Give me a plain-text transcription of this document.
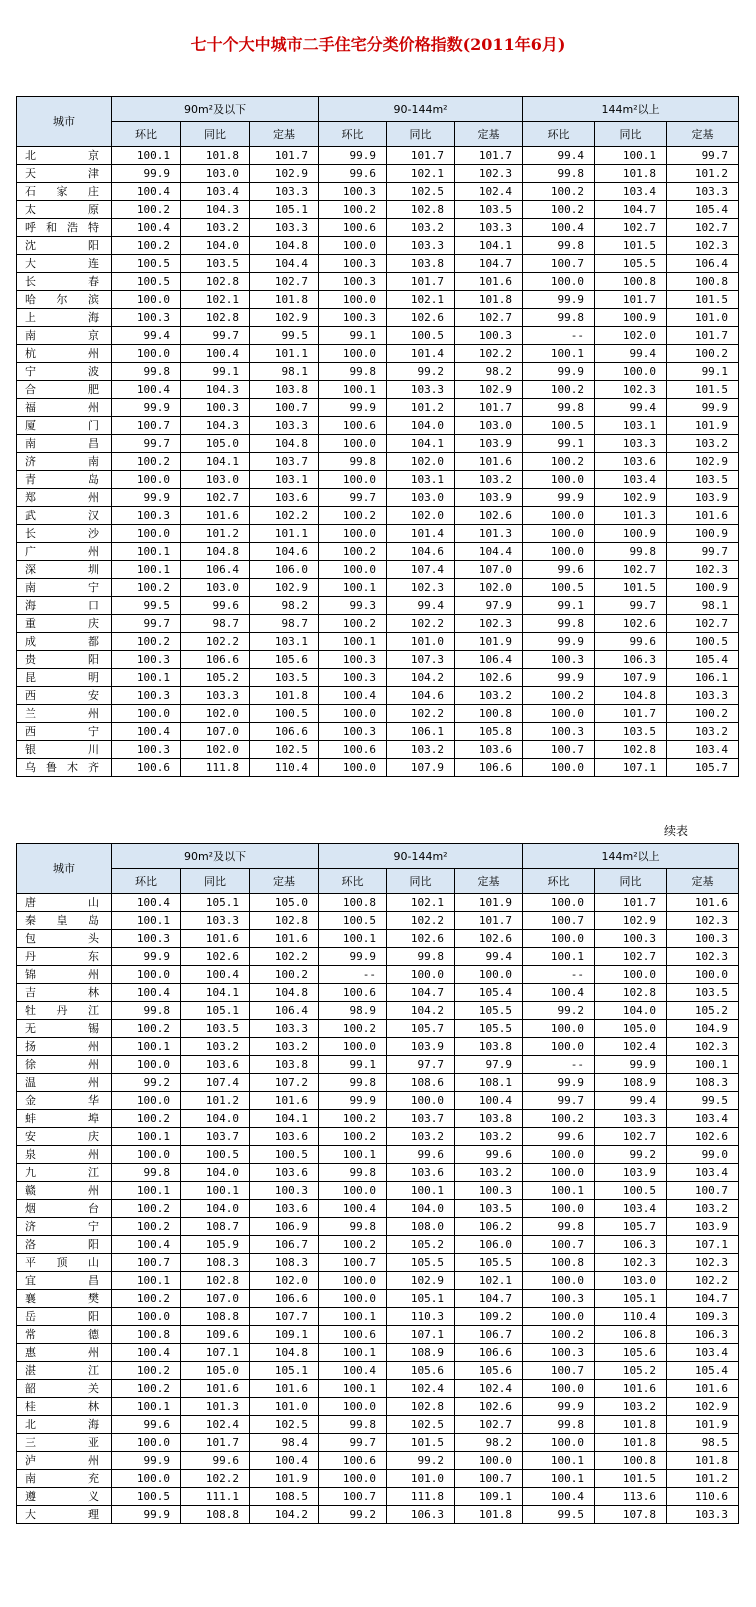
七十个大中城市二手住宅分类价格指数(2011年6月)
城市	90m²及以下			90-144m²			144m²以上		
	环比	同比	定基	环比	同比	定基	环比	同比	定基
北京	100.1	101.8	101.7	99.9	101.7	101.7	99.4	100.1	99.7
天津	99.9	103.0	102.9	99.6	102.1	102.3	99.8	101.8	101.2
石家庄	100.4	103.4	103.3	100.3	102.5	102.4	100.2	103.4	103.3
太原	100.2	104.3	105.1	100.2	102.8	103.5	100.2	104.7	105.4
呼和浩特	100.4	103.2	103.3	100.6	103.2	103.3	100.4	102.7	102.7
沈阳	100.2	104.0	104.8	100.0	103.3	104.1	99.8	101.5	102.3
大连	100.5	103.5	104.4	100.3	103.8	104.7	100.7	105.5	106.4
长春	100.5	102.8	102.7	100.3	101.7	101.6	100.0	100.8	100.8
哈尔滨	100.0	102.1	101.8	100.0	102.1	101.8	99.9	101.7	101.5
上海	100.3	102.8	102.9	100.3	102.6	102.7	99.8	100.9	101.0
南京	99.4	99.7	99.5	99.1	100.5	100.3	--	102.0	101.7
杭州	100.0	100.4	101.1	100.0	101.4	102.2	100.1	99.4	100.2
宁波	99.8	99.1	98.1	99.8	99.2	98.2	99.9	100.0	99.1
合肥	100.4	104.3	103.8	100.1	103.3	102.9	100.2	102.3	101.5
福州	99.9	100.3	100.7	99.9	101.2	101.7	99.8	99.4	99.9
厦门	100.7	104.3	103.3	100.6	104.0	103.0	100.5	103.1	101.9
南昌	99.7	105.0	104.8	100.0	104.1	103.9	99.1	103.3	103.2
济南	100.2	104.1	103.7	99.8	102.0	101.6	100.2	103.6	102.9
青岛	100.0	103.0	103.1	100.0	103.1	103.2	100.0	103.4	103.5
郑州	99.9	102.7	103.6	99.7	103.0	103.9	99.9	102.9	103.9
武汉	100.3	101.6	102.2	100.2	102.0	102.6	100.0	101.3	101.6
长沙	100.0	101.2	101.1	100.0	101.4	101.3	100.0	100.9	100.9
广州	100.1	104.8	104.6	100.2	104.6	104.4	100.0	99.8	99.7
深圳	100.1	106.4	106.0	100.0	107.4	107.0	99.6	102.7	102.3
南宁	100.2	103.0	102.9	100.1	102.3	102.0	100.5	101.5	100.9
海口	99.5	99.6	98.2	99.3	99.4	97.9	99.1	99.7	98.1
重庆	99.7	98.7	98.7	100.2	102.2	102.3	99.8	102.6	102.7
成都	100.2	102.2	103.1	100.1	101.0	101.9	99.9	99.6	100.5
贵阳	100.3	106.6	105.6	100.3	107.3	106.4	100.3	106.3	105.4
昆明	100.1	105.2	103.5	100.3	104.2	102.6	99.9	107.9	106.1
西安	100.3	103.3	101.8	100.4	104.6	103.2	100.2	104.8	103.3
兰州	100.0	102.0	100.5	100.0	102.2	100.8	100.0	101.7	100.2
西宁	100.4	107.0	106.6	100.3	106.1	105.8	100.3	103.5	103.2
银川	100.3	102.0	102.5	100.6	103.2	103.6	100.7	102.8	103.4
乌鲁木齐	100.6	111.8	110.4	100.0	107.9	106.6	100.0	107.1	105.7

续表

城市	90m²及以下			90-144m²			144m²以上		
	环比	同比	定基	环比	同比	定基	环比	同比	定基
唐山	100.4	105.1	105.0	100.8	102.1	101.9	100.0	101.7	101.6
秦皇岛	100.1	103.3	102.8	100.5	102.2	101.7	100.7	102.9	102.3
包头	100.3	101.6	101.6	100.1	102.6	102.6	100.0	100.3	100.3
丹东	99.9	102.6	102.2	99.9	99.8	99.4	100.1	102.7	102.3
锦州	100.0	100.4	100.2	--	100.0	100.0	--	100.0	100.0
吉林	100.4	104.1	104.8	100.6	104.7	105.4	100.4	102.8	103.5
牡丹江	99.8	105.1	106.4	98.9	104.2	105.5	99.2	104.0	105.2
无锡	100.2	103.5	103.3	100.2	105.7	105.5	100.0	105.0	104.9
扬州	100.1	103.2	103.2	100.0	103.9	103.8	100.0	102.4	102.3
徐州	100.0	103.6	103.8	99.1	97.7	97.9	--	99.9	100.1
温州	99.2	107.4	107.2	99.8	108.6	108.1	99.9	108.9	108.3
金华	100.0	101.2	101.6	99.9	100.0	100.4	99.7	99.4	99.5
蚌埠	100.2	104.0	104.1	100.2	103.7	103.8	100.2	103.3	103.4
安庆	100.1	103.7	103.6	100.2	103.2	103.2	99.6	102.7	102.6
泉州	100.0	100.5	100.5	100.1	99.6	99.6	100.0	99.2	99.0
九江	99.8	104.0	103.6	99.8	103.6	103.2	100.0	103.9	103.4
赣州	100.1	100.1	100.3	100.0	100.1	100.3	100.1	100.5	100.7
烟台	100.2	104.0	103.6	100.4	104.0	103.5	100.0	103.4	103.2
济宁	100.2	108.7	106.9	99.8	108.0	106.2	99.8	105.7	103.9
洛阳	100.4	105.9	106.7	100.2	105.2	106.0	100.7	106.3	107.1
平顶山	100.7	108.3	108.3	100.7	105.5	105.5	100.8	102.3	102.3
宜昌	100.1	102.8	102.0	100.0	102.9	102.1	100.0	103.0	102.2
襄樊	100.2	107.0	106.6	100.0	105.1	104.7	100.3	105.1	104.7
岳阳	100.0	108.8	107.7	100.1	110.3	109.2	100.0	110.4	109.3
常德	100.8	109.6	109.1	100.6	107.1	106.7	100.2	106.8	106.3
惠州	100.4	107.1	104.8	100.1	108.9	106.6	100.3	105.6	103.4
湛江	100.2	105.0	105.1	100.4	105.6	105.6	100.7	105.2	105.4
韶关	100.2	101.6	101.6	100.1	102.4	102.4	100.0	101.6	101.6
桂林	100.1	101.3	101.0	100.0	102.8	102.6	99.9	103.2	102.9
北海	99.6	102.4	102.5	99.8	102.5	102.7	99.8	101.8	101.9
三亚	100.0	101.7	98.4	99.7	101.5	98.2	100.0	101.8	98.5
泸州	99.9	99.6	100.4	100.6	99.2	100.0	100.1	100.8	101.8
南充	100.0	102.2	101.9	100.0	101.0	100.7	100.1	101.5	101.2
遵义	100.5	111.1	108.5	100.7	111.8	109.1	100.4	113.6	110.6
大理	99.9	108.8	104.2	99.2	106.3	101.8	99.5	107.8	103.3
